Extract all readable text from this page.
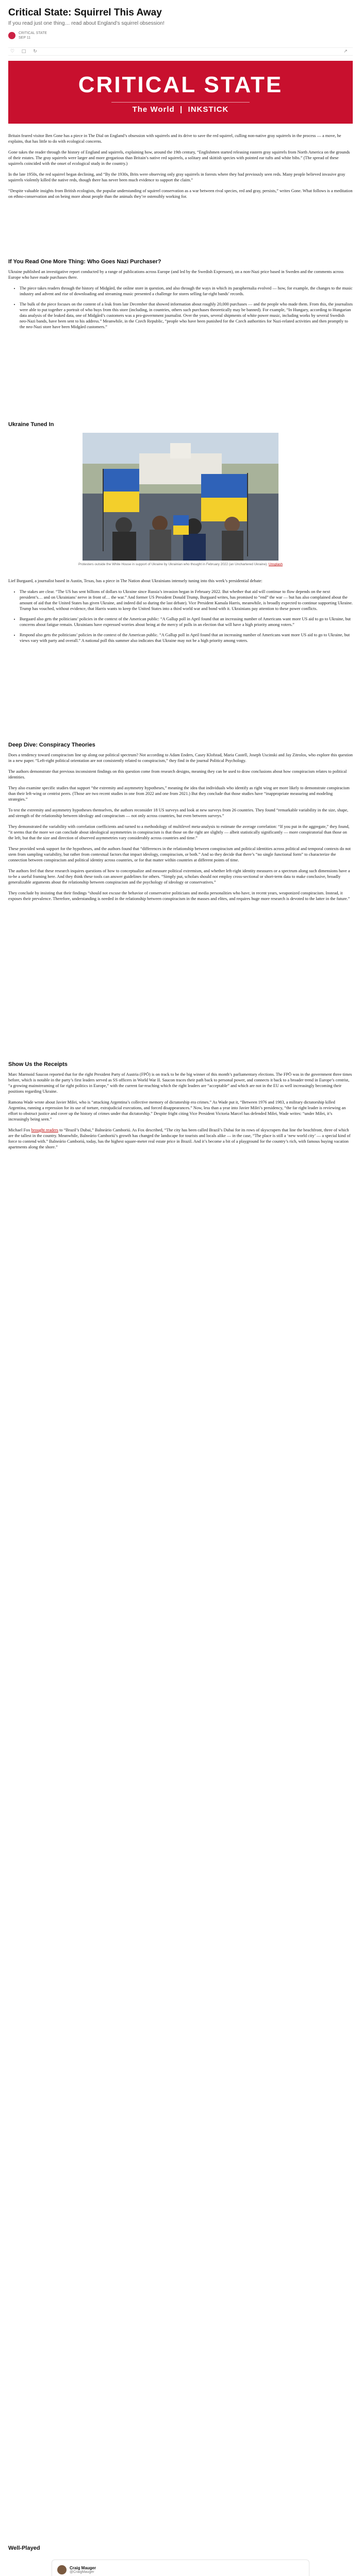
Critical State: Squirrel This Away
If you read just one thing… read about England’s squirrel obsession!
CRITICAL STATE
SEP 11
♡	□	↻	↗
CRITICAL STATE
The World  |  INKSTICK

Britain feared visitor Ben Gone has a piece in The Dial on England’s obsession with squirrels and its drive to save the red squirrel, culling non-native gray squirrels in the process — a move, he explains, that has little to do with ecological concerns.

Gone takes the reader through the history of England and squirrels, explaining how, around the 19th century, “Englishmen started releasing eastern gray squirrels from North America on the grounds of their estates. The gray squirrels were larger and more gregarious than Britain’s native red squirrels, a solitary and skittish species with pointed ear tufts and white bibs.” (The spread of these squirrels coincided with the onset of ecological study in the country.)

In the late 1950s, the red squirrel began declining, and “By the 1930s, Brits were observing only gray squirrels in forests where they had previously seen reds. Many people believed invasive gray squirrels violently killed the native reds, though there has never been much evidence to support the claim.”

“Despite valuable insights from British ecologists, the popular understanding of squirrel conservation as a war between rival species, red and gray, persists,” writes Gone. What follows is a meditation on ethno-conservation and on being more about people than the animals they’re ostensibly working for.

If You Read One More Thing: Who Goes Nazi Purchaser?

Ukraine published an investigative report conducted by a range of publications across Europe (and led by the Swedish Expressen), on a non-Nazi price based in Sweden and the comments across Europe who have made purchases there.

• The piece takes readers through the history of Midgård, the online store in question, and also through the ways in which its paraphernalia evolved — how, for example, the changes to the music industry and advent and rise of downloading and streaming music presented a challenge for stores selling far-right bands’ records.
• The bulk of the piece focuses on the content of a leak from late December that showed information about roughly 20,000 purchases — and the people who made them. From this, the journalists were able to put together a portrait of who buys from this store (including, in countries, others such purchases theoretically may be banned). For example, “In Hungary, according to Hungarian data analysis of the leaked data, one of Midgård’s customers was a pro-government journalist. Over the years, several shipments of white power music, including works by several Swedish neo-Nazi bands, have been sent to his address.” Meanwhile, in the Czech Republic, “people who have been punished for the Czech authorities for Nazi-related activities and then promptly to the neo-Nazi store have been Midgård customers.”
Ukraine Tuned In
Protesters outside the White House in support of Ukraine by Ukrainian who thought in February 2022 (an Unchartered Ukraine). Unsplash

Lief Burgaard, a journalist based in Austin, Texas, has a piece in The Nation about Ukrainians intensely tuning into this week’s presidential debate:

• The stakes are clear. “The US has sent billions of dollars to Ukraine since Russia’s invasion began in February 2022. But whether that aid will continue to flow depends on the next president’s… and on Ukrainians’ nerve in front of… the war.” And former US President Donald Trump, Burgaard writes, has promised to “end” the war — but has also complained about the amount of aid that the United States has given Ukraine, and indeed did so during the last debate). Vice President Kamala Harris, meanwhile, is broadly expected to continue supporting Ukraine. Trump has vouched, without evidence, that Harris wants to keep the United States into a third world war and bond with it. Ukrainians pay attention to these power conflicts.
• Burgaard also gets the politicians’ policies in the context of the American public: “A Gallup poll in April found that an increasing number of Americans want more US aid to go to Ukraine, but concerns about fatigue remain. Ukrainians have expressed worries about being at the mercy of polls in an election that will have a high priority among voters.”
• Respond also gets the politicians’ policies in the context of the American public. “A Gallup poll in April found that an increasing number of Americans want more US aid to go to Ukraine, but views vary with party and overall.” A national poll this summer also indicates that Ukraine may not be a high priority among voters.
Deep Dive: Conspiracy Theories

Does a tendency toward conspiracism line up along our political spectrum? Not according to Adam Enders, Casey Klofstad, Maria Castell, Joseph Uscinski and Jay Zitrolos, who explore this question in a new paper. “Left-right political orientation are not consistently related to conspiracism,” they find in the journal Political Psychology.

The authors demonstrate that previous inconsistent findings on this question come from research designs, meaning they can be used to draw conclusions about how conspiracism relates to political identities.

They also examine specific studies that support “the extremity and asymmetry hypotheses,” meaning the idea that individuals who identify as right wing are more likely to demonstrate conspiracism than their left-wing or centrist peers. (Those are two recent studies in one from 2022 and one from 2021.) But they conclude that those studies have “inappropriate measuring and modeling strategies.”

To test the extremity and asymmetry hypotheses themselves, the authors reconsider 18 US surveys and look at new surveys from 26 countries. They found “remarkable variability in the size, shape, and strength of the relationship between ideology and conspiracism — not only across countries, but even between surveys.”

They demonstrated the variability with correlation coefficients and turned to a methodology of multilevel meta-analysis to estimate the average correlation: “If you put in the aggregate,” they found, “it seems that the more we can conclude about ideological asymmetries in conspiracism is that those on the right are slightly — albeit statistically significantly — more conspiratorial than those on the left, but that the size and direction of observed asymmetries vary considerably across countries and time.”

These provided weak support for the hypotheses, and the authors found that “differences in the relationship between conspiracism and political identities across political and temporal contexts do not stem from sampling variability, but rather from contextual factors that impact ideology, conspiracism, or both.” And so they decide that there’s “no single functional form” to characterize the connection between conspiracism and political identity across countries, or for that matter within countries at different points of time.

The authors feel that these research inquires questions of how to conceptualize and measure political extremism, and whether left-right identity measures or a spectrum along such dimensions have a to-be a useful framing here. And they think these tools can answer guidelines for others. “Simply put, scholars should not employ cross-sectional or short-term data to make conclusive, broadly generalizable arguments about the relationship between conspiracism and the psychology of ideology or conservatives.”

They conclude by insisting that their findings “should not excuse the behavior of conservative politicians and media personalities who have, in recent years, weaponized conspiracism. Instead, it exposes their prevalence. Therefore, understanding is needed in the relationship between conspiracism in the masses and elites, and requires huge more research is devoted to the latter in the future.”

Show Us the Receipts

Marc Marmoid Saucon reported that for the right President Party of Austria (FPÖ) is on track to be the big winner of this month’s parliamentary elections. The FPÖ was in the government three times before, which is notable in the party’s first leaders served as SS officers in World War II. Saucon traces their path back to personal power, and connects it back to a broader trend in Europe’s centrist, “a growing mainstreaming of far right politics in Europe,” with the current far-reaching which the right leaders are “acceptable” and which are not in the EU as well increasingly becoming their positions regarding Ukraine.

Ramona Wade wrote about Javier Milei, who is “attacking Argentina’s collective memory of dictatorship era crimes.” As Wade put it, “Between 1976 and 1983, a military dictatorship killed Argentina, running a repression for its use of torture, extrajudicial executions, and forced disappearances.” Now, less than a year into Javier Milei’s presidency, “the far right leader is reviewing an effort to obstruct justice and cover up the history of crimes under that dictatorship.” Despite fright citing Vice President Victoria Marcel has defended Milei, Wade writes: “under Milei, it’s increasingly being seen.”

Michael Fox brought readers to “Brazil’s Dubai,” Balneário Camboriú. As Fox described, “The city has been called Brazil’s Dubai for its rows of skyscrapers that line the beachfront, three of which are the tallest in the country. Meanwhile, Balneário Camboriú’s growth has changed the landscape for tourists and locals alike — in the case, “The place is still a ‘new world city’ — a special kind of force to contend with.” Balneário Camboriú, today, has the highest square-meter real estate price in Brazil. And it’s become a bit of a playground for the country’s rich, with famous buying vacation apartments along the shore.”

Well-Played
Craig Mauger
@CraigMauger
